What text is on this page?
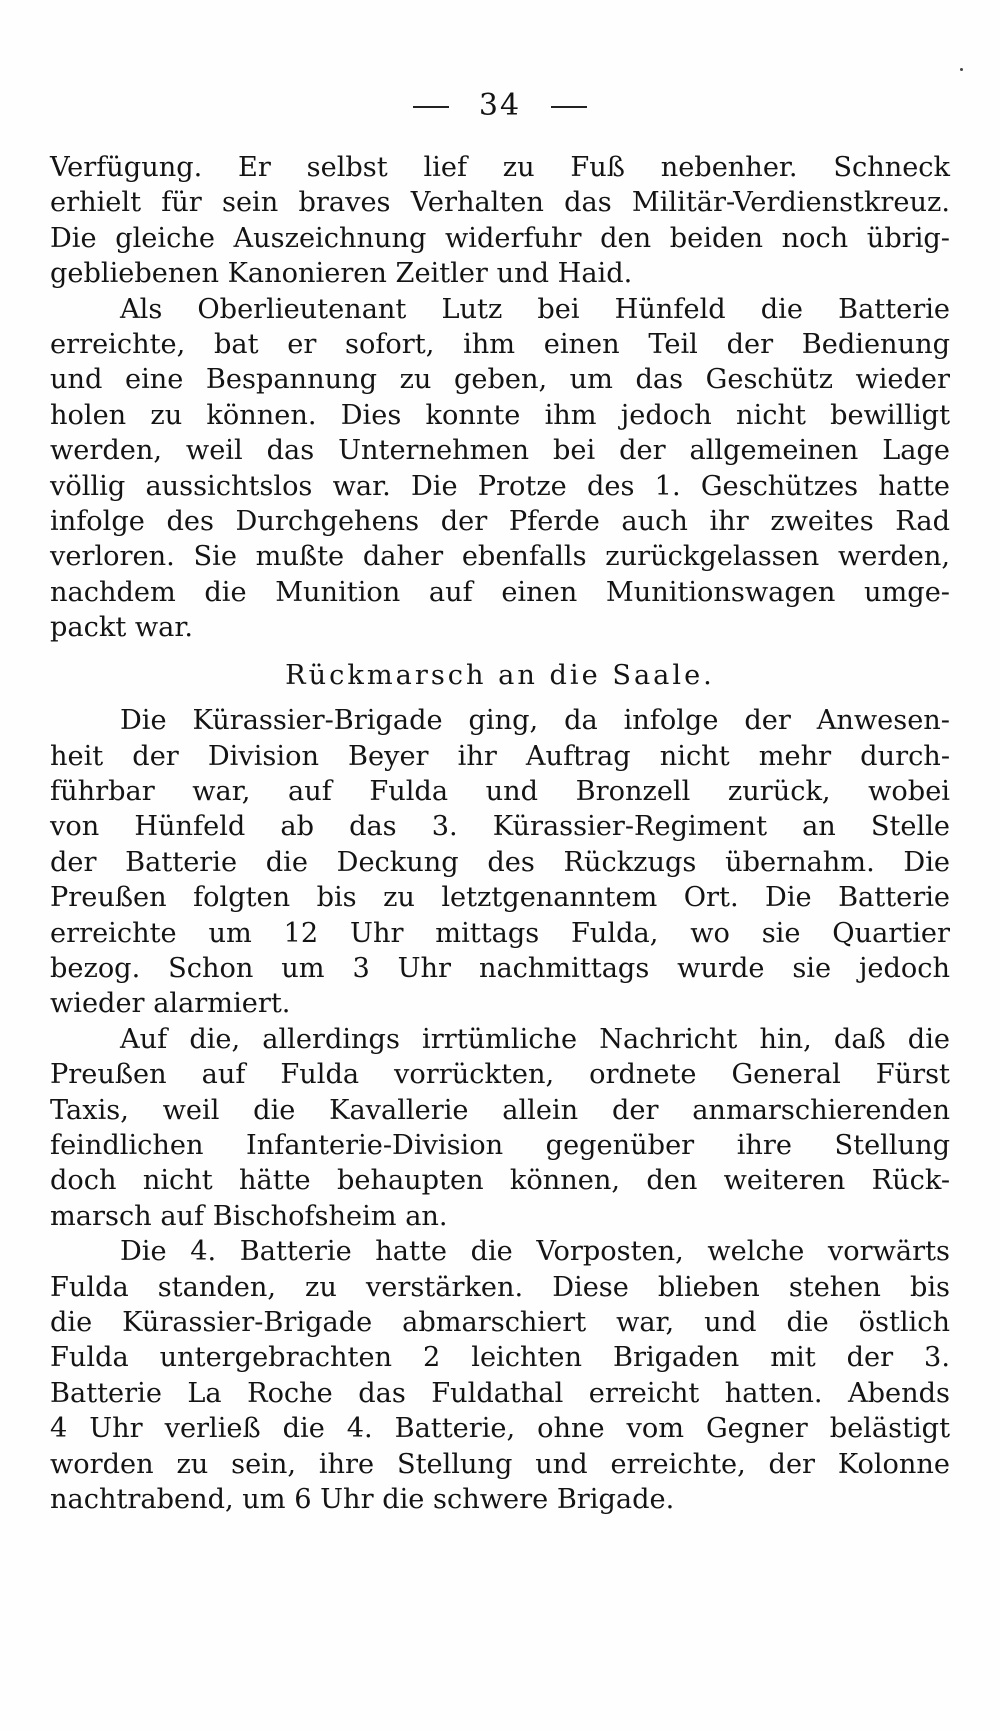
34
Verfügung. Er selbst lief zu Fuß nebenher. Schneck
erhielt für sein braves Verhalten das Militär-Verdienstkreuz.
Die gleiche Auszeichnung widerfuhr den beiden noch übrig-
gebliebenen Kanonieren Zeitler und Haid.
Als Oberlieutenant Lutz bei Hünfeld die Batterie
erreichte, bat er sofort, ihm einen Teil der Bedienung
und eine Bespannung zu geben, um das Geschütz wieder
holen zu können. Dies konnte ihm jedoch nicht bewilligt
werden, weil das Unternehmen bei der allgemeinen Lage
völlig aussichtslos war. Die Protze des 1. Geschützes hatte
infolge des Durchgehens der Pferde auch ihr zweites Rad
verloren. Sie mußte daher ebenfalls zurückgelassen werden,
nachdem die Munition auf einen Munitionswagen umge-
packt war.
Rückmarsch an die Saale.
Die Kürassier-Brigade ging, da infolge der Anwesen-
heit der Division Beyer ihr Auftrag nicht mehr durch-
führbar war, auf Fulda und Bronzell zurück, wobei
von Hünfeld ab das 3. Kürassier-Regiment an Stelle
der Batterie die Deckung des Rückzugs übernahm. Die
Preußen folgten bis zu letztgenanntem Ort. Die Batterie
erreichte um 12 Uhr mittags Fulda, wo sie Quartier
bezog. Schon um 3 Uhr nachmittags wurde sie jedoch
wieder alarmiert.
Auf die, allerdings irrtümliche Nachricht hin, daß die
Preußen auf Fulda vorrückten, ordnete General Fürst
Taxis, weil die Kavallerie allein der anmarschierenden
feindlichen Infanterie-Division gegenüber ihre Stellung
doch nicht hätte behaupten können, den weiteren Rück-
marsch auf Bischofsheim an.
Die 4. Batterie hatte die Vorposten, welche vorwärts
Fulda standen, zu verstärken. Diese blieben stehen bis
die Kürassier-Brigade abmarschiert war, und die östlich
Fulda untergebrachten 2 leichten Brigaden mit der 3.
Batterie La Roche das Fuldathal erreicht hatten. Abends
4 Uhr verließ die 4. Batterie, ohne vom Gegner belästigt
worden zu sein, ihre Stellung und erreichte, der Kolonne
nachtrabend, um 6 Uhr die schwere Brigade.
